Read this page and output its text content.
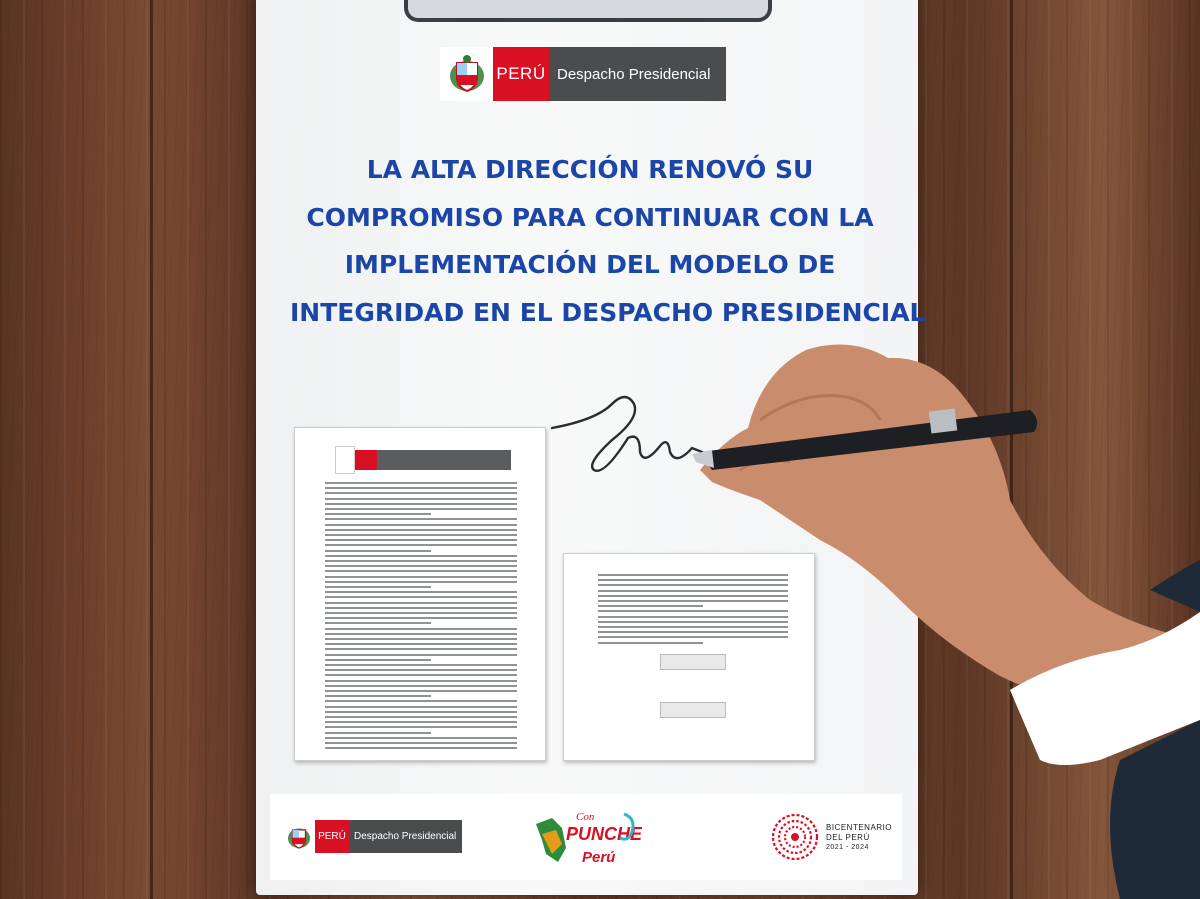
PERÚ Despacho Presidencial
LA ALTA DIRECCIÓN RENOVÓ SU
COMPROMISO PARA CONTINUAR CON LA
IMPLEMENTACIÓN DEL MODELO DE
INTEGRIDAD EN EL DESPACHO PRESIDENCIAL
PERÚ Despacho Presidencial
Con
PUNCHE
Perú
BICENTENARIO
DEL PERÚ
2021 - 2024
